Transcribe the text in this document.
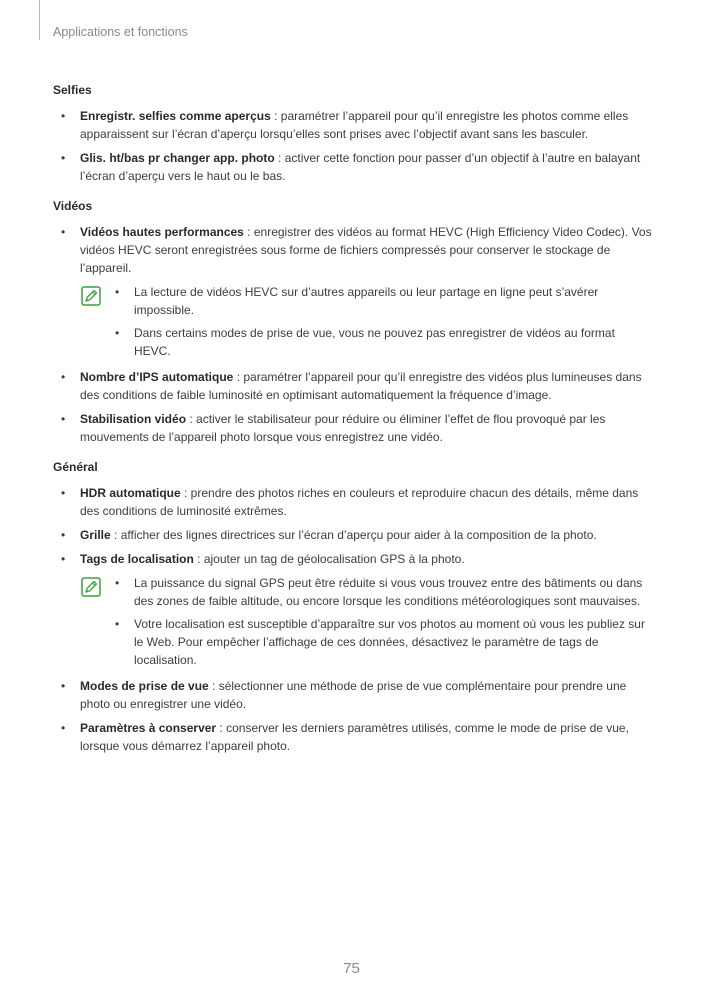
Applications et fonctions
Selfies
• Enregistr. selfies comme aperçus : paramétrer l’appareil pour qu’il enregistre les photos comme elles apparaissent sur l’écran d’aperçu lorsqu’elles sont prises avec l’objectif avant sans les basculer.
• Glis. ht/bas pr changer app. photo : activer cette fonction pour passer d’un objectif à l’autre en balayant l’écran d’aperçu vers le haut ou le bas.
Vidéos
• Vidéos hautes performances : enregistrer des vidéos au format HEVC (High Efficiency Video Codec). Vos vidéos HEVC seront enregistrées sous forme de fichiers compressés pour conserver le stockage de l’appareil.
• La lecture de vidéos HEVC sur d’autres appareils ou leur partage en ligne peut s’avérer impossible.
• Dans certains modes de prise de vue, vous ne pouvez pas enregistrer de vidéos au format HEVC.
• Nombre d’IPS automatique : paramétrer l’appareil pour qu’il enregistre des vidéos plus lumineuses dans des conditions de faible luminosité en optimisant automatiquement la fréquence d’image.
• Stabilisation vidéo : activer le stabilisateur pour réduire ou éliminer l’effet de flou provoqué par les mouvements de l’appareil photo lorsque vous enregistrez une vidéo.
Général
• HDR automatique : prendre des photos riches en couleurs et reproduire chacun des détails, même dans des conditions de luminosité extrêmes.
• Grille : afficher des lignes directrices sur l’écran d’aperçu pour aider à la composition de la photo.
• Tags de localisation : ajouter un tag de géolocalisation GPS à la photo.
• La puissance du signal GPS peut être réduite si vous vous trouvez entre des bâtiments ou dans des zones de faible altitude, ou encore lorsque les conditions météorologiques sont mauvaises.
• Votre localisation est susceptible d’apparaître sur vos photos au moment où vous les publiez sur le Web. Pour empêcher l’affichage de ces données, désactivez le paramètre de tags de localisation.
• Modes de prise de vue : sélectionner une méthode de prise de vue complémentaire pour prendre une photo ou enregistrer une vidéo.
• Paramètres à conserver : conserver les derniers paramètres utilisés, comme le mode de prise de vue, lorsque vous démarrez l’appareil photo.
75
